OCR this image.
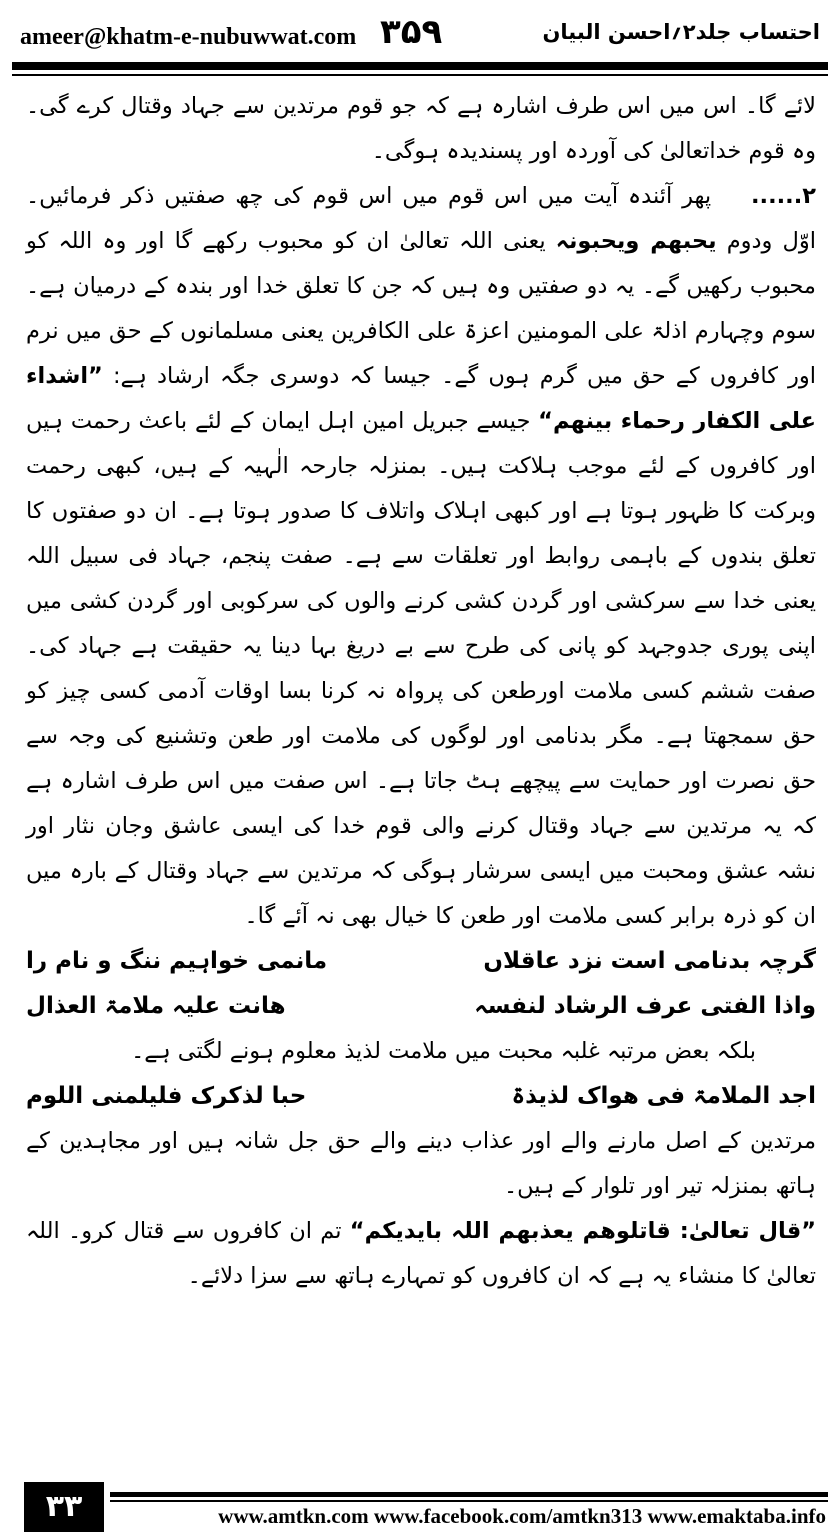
ameer@khatm-e-nubuwwat.com ۳۵۹	احتساب جلد۲؍احسن البیان

لائے گا۔ اس میں اس طرف اشارہ ہے کہ جو قوم مرتدین سے جہاد وقتال کرے گی۔ وہ قوم خداتعالیٰ کی آوردہ اور پسندیدہ ہوگی۔

۲...... پھر آئندہ آیت میں اس قوم میں اس قوم کی چھ صفتیں ذکر فرمائیں۔ اوّل ودوم یحبھم ویحبونہ یعنی اللہ تعالیٰ ان کو محبوب رکھے گا اور وہ اللہ کو محبوب رکھیں گے۔ یہ دو صفتیں وہ ہیں کہ جن کا تعلق خدا اور بندہ کے درمیان ہے۔ سوم وچہارم اذلۃ علی المومنین اعزۃ علی الکافرین یعنی مسلمانوں کے حق میں نرم اور کافروں کے حق میں گرم ہوں گے۔ جیسا کہ دوسری جگہ ارشاد ہے: ”اشداء علی الکفار رحماء بینھم“ جیسے جبریل امین اہل ایمان کے لئے باعث رحمت ہیں اور کافروں کے لئے موجب ہلاکت ہیں۔ بمنزلہ جارحہ الٰہیہ کے ہیں، کبھی رحمت وبرکت کا ظہور ہوتا ہے اور کبھی اہلاک واتلاف کا صدور ہوتا ہے۔ ان دو صفتوں کا تعلق بندوں کے باہمی روابط اور تعلقات سے ہے۔ صفت پنجم، جہاد فی سبیل اللہ یعنی خدا سے سرکشی اور گردن کشی کرنے والوں کی سرکوبی اور گردن کشی میں اپنی پوری جدوجہد کو پانی کی طرح سے بے دریغ بہا دینا یہ حقیقت ہے جہاد کی۔ صفت ششم کسی ملامت اورطعن کی پرواہ نہ کرنا بسا اوقات آدمی کسی چیز کو حق سمجھتا ہے۔ مگر بدنامی اور لوگوں کی ملامت اور طعن وتشنیع کی وجہ سے حق نصرت اور حمایت سے پیچھے ہٹ جاتا ہے۔ اس صفت میں اس طرف اشارہ ہے کہ یہ مرتدین سے جہاد وقتال کرنے والی قوم خدا کی ایسی عاشق وجان نثار اور نشہ عشق ومحبت میں ایسی سرشار ہوگی کہ مرتدین سے جہاد وقتال کے بارہ میں ان کو ذرہ برابر کسی ملامت اور طعن کا خیال بھی نہ آئے گا۔

گرچہ بدنامی است نزد عاقلاں
مانمی خواہیم ننگ و نام را
واذا الفتی عرف الرشاد لنفسہ
ھانت علیہ ملامۃ العذال

بلکہ بعض مرتبہ غلبہ محبت میں ملامت لذیذ معلوم ہونے لگتی ہے۔

اجد الملامۃ فی ھواک لذیذۃ
حبا لذکرک فلیلمنی اللوم

مرتدین کے اصل مارنے والے اور عذاب دینے والے حق جل شانہ ہیں اور مجاہدین کے ہاتھ بمنزلہ تیر اور تلوار کے ہیں۔

”قال تعالیٰ: قاتلوھم یعذبھم اللہ بایدیکم“ تم ان کافروں سے قتال کرو۔ اللہ تعالیٰ کا منشاء یہ ہے کہ ان کافروں کو تمہارے ہاتھ سے سزا دلائے۔

۳۳	www.amtkn.com www.facebook.com/amtkn313 www.emaktaba.info
